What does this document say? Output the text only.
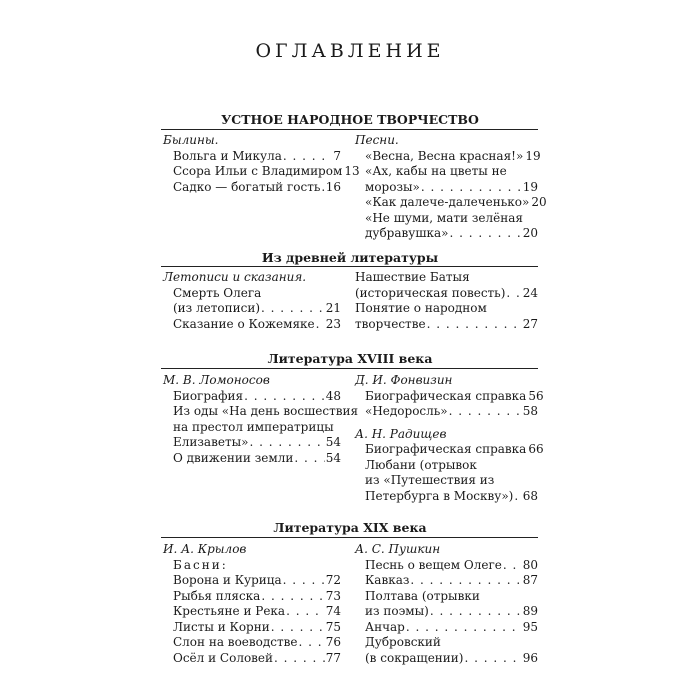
ОГЛАВЛЕНИЕ
УСТНОЕ НАРОДНОЕ ТВОРЧЕСТВО
Былины.
Вольга и Микула . . .	7
Ссора Ильи с Владимиром 13
Садко — богатый гость . . . 16
Песни.
«Весна, Весна красная!» 19
«Ах, кабы на цветы не
морозы» . . .	19
«Как далече-далеченько» 20
«Не шуми, мати зелёная
дубравушка» . . .	20
Из древней литературы
Летописи и сказания.
Смерть Олега
(из летописи) . . .	21
Сказание о Кожемяке . . . 23
Нашествие Батыя
(историческая повесть) . . . 24
Понятие о народном
творчестве . . .	27
Литература XVIII века
М. В. Ломоносов
Биография . . .	48
Из оды «На день восшествия
на престол императрицы
Елизаветы» . . .	54
О движении земли . . .	54
Д. И. Фонвизин
Биографическая справка 56
«Недоросль» . . .	58
А. Н. Радищев
Биографическая справка 66
Любани (отрывок
из «Путешествия из
Петербурга в Москву») . . . 68
Литература XIX века
И. А. Крылов
Басни:
Ворона и Курица . . .	72
Рыбья пляска . . .	73
Крестьяне и Река . . .	74
Листы и Корни . . .	75
Слон на воеводстве . . . 76
Осёл и Соловей . . .	77
А. С. Пушкин
Песнь о вещем Олеге . . . 80
Кавказ . . .	87
Полтава (отрывки
из поэмы) . . .	89
Анчар . . .	95
Дубровский
(в сокращении) . . .	96
